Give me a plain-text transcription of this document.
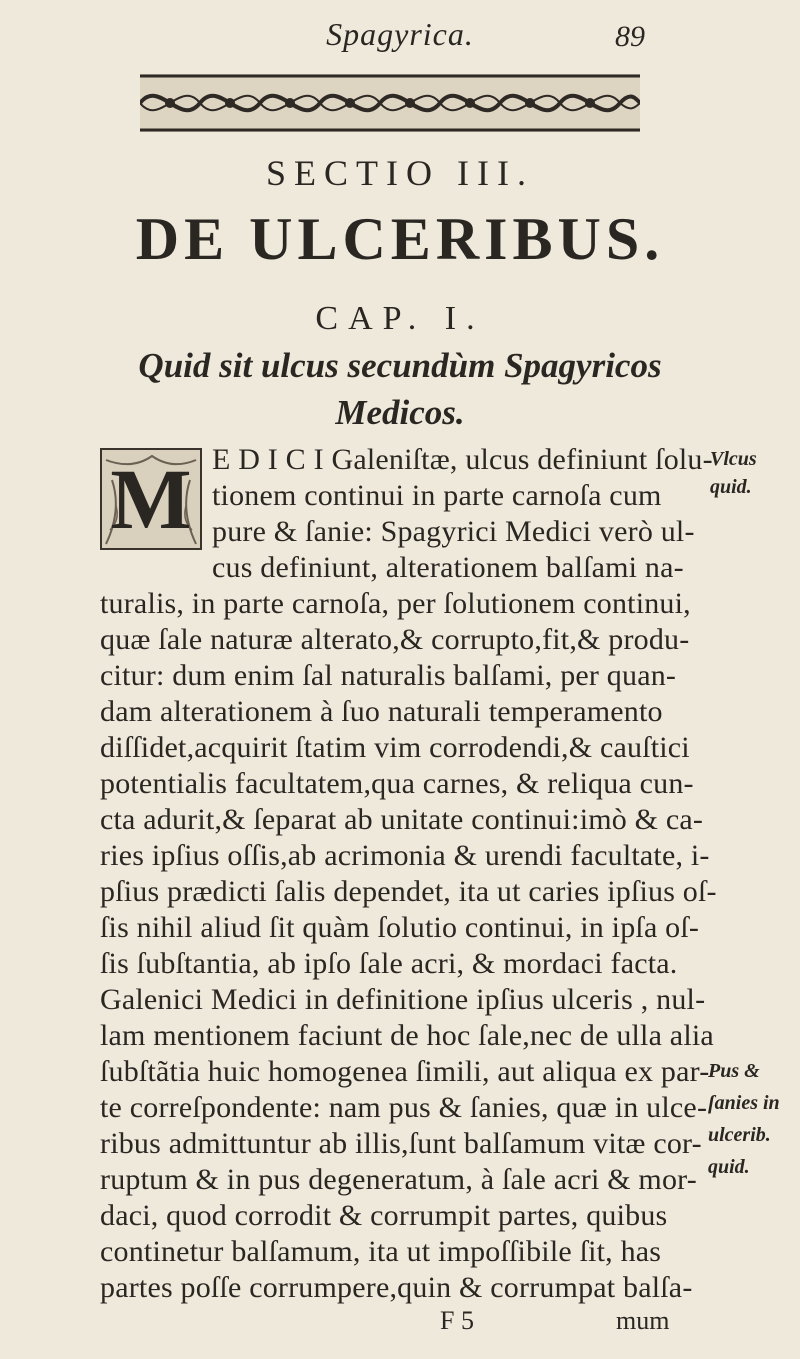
Spagyrica.	89
SECTIO III.
DE ULCERIBUS.
CAP. I.
Quid sit ulcus secundùm Spagyricos
Medicos.
M E D I C I Galeniſtæ, ulcus definiunt ſolu-
tionem continui in parte carnoſa cum
pure & ſanie: Spagyrici Medici verò ul-
cus definiunt, alterationem balſami na-
turalis, in parte carnoſa, per ſolutionem continui,
quæ ſale naturæ alterato,& corrupto,fit,& produ-
citur: dum enim ſal naturalis balſami, per quan-
dam alterationem à ſuo naturali temperamento
diſſidet,acquirit ſtatim vim corrodendi,& cauſtici
potentialis facultatem,qua carnes, & reliqua cun-
cta adurit,& ſeparat ab unitate continui:imò & ca-
ries ipſius oſſis,ab acrimonia & urendi facultate, i-
pſius prædicti ſalis dependet, ita ut caries ipſius oſ-
ſis nihil aliud ſit quàm ſolutio continui, in ipſa oſ-
ſis ſubſtantia, ab ipſo ſale acri, & mordaci facta.
Galenici Medici in definitione ipſius ulceris , nul-
lam mentionem faciunt de hoc ſale,nec de ulla alia
ſubſtãtia huic homogenea ſimili, aut aliqua ex par-
te correſpondente: nam pus & ſanies, quæ in ulce-
ribus admittuntur ab illis,ſunt balſamum vitæ cor-
ruptum & in pus degeneratum, à ſale acri & mor-
daci, quod corrodit & corrumpit partes, quibus
continetur balſamum, ita ut impoſſibile ſit, has
partes poſſe corrumpere,quin & corrumpat balſa-
Vlcus
quid.
Pus &
ſanies in
ulcerib.
quid.
F 5	mum
